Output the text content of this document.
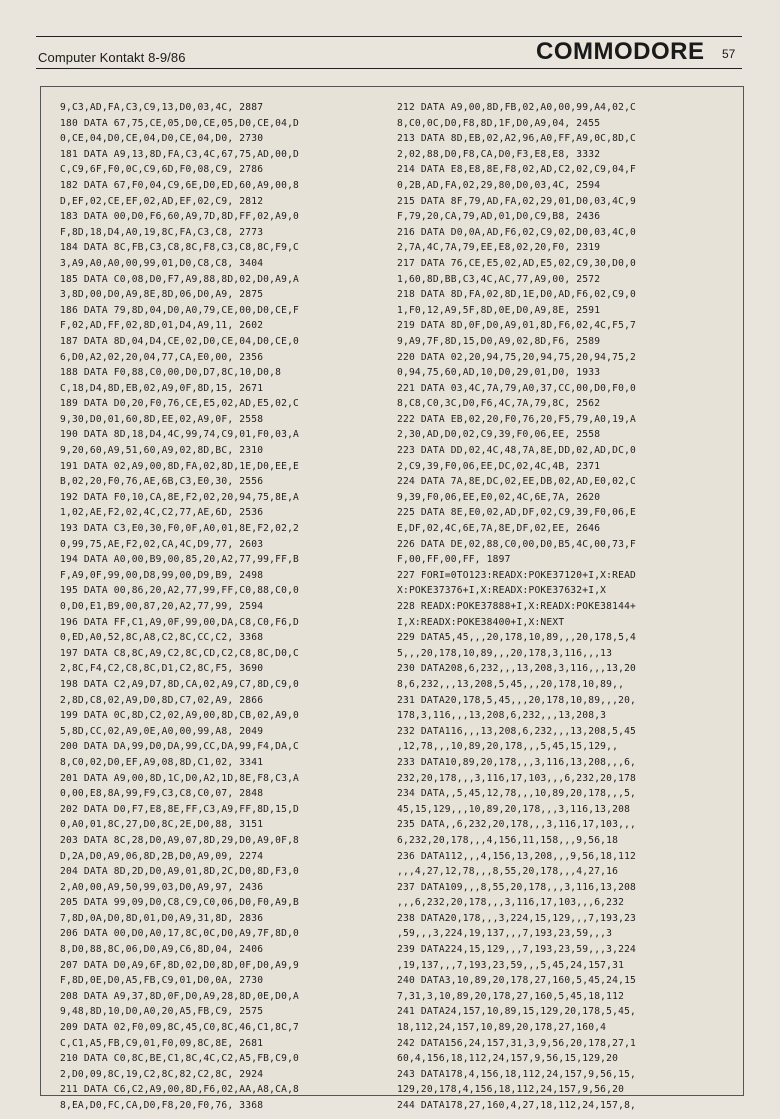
Computer Kontakt 8-9/86	COMMODORE 57
9,C3,AD,FA,C3,C9,13,D0,03,4C, 2887
180 DATA 67,75,CE,05,D0,CE,05,D0,CE,04,D
0,CE,04,D0,CE,04,D0,CE,04,D0, 2730
181 DATA A9,13,8D,FA,C3,4C,67,75,AD,00,D
C,C9,6F,F0,0C,C9,6D,F0,08,C9, 2786
182 DATA 67,F0,04,C9,6E,D0,ED,60,A9,00,8
D,EF,02,CE,EF,02,AD,EF,02,C9, 2812
183 DATA 00,D0,F6,60,A9,7D,8D,FF,02,A9,0
F,8D,18,D4,A0,19,8C,FA,C3,C8, 2773
184 DATA 8C,FB,C3,C8,8C,F8,C3,C8,8C,F9,C
3,A9,A0,A0,00,99,01,D0,C8,C8, 3404
185 DATA C0,08,D0,F7,A9,88,8D,02,D0,A9,A
3,8D,00,D0,A9,8E,8D,06,D0,A9, 2875
186 DATA 79,8D,04,D0,A0,79,CE,00,D0,CE,F
F,02,AD,FF,02,8D,01,D4,A9,11, 2602
187 DATA 8D,04,D4,CE,02,D0,CE,04,D0,CE,0
6,D0,A2,02,20,04,77,CA,E0,00, 2356
188 DATA F0,88,C0,00,D0,D7,8C,10,D0,8
C,18,D4,8D,EB,02,A9,0F,8D,15, 2671
189 DATA D0,20,F0,76,CE,E5,02,AD,E5,02,C
9,30,D0,01,60,8D,EE,02,A9,0F, 2558
190 DATA 8D,18,D4,4C,99,74,C9,01,F0,03,A
9,20,60,A9,51,60,A9,02,8D,BC, 2310
191 DATA 02,A9,00,8D,FA,02,8D,1E,D0,EE,E
B,02,20,F0,76,AE,6B,C3,E0,30, 2556
192 DATA F0,10,CA,8E,F2,02,20,94,75,8E,A
1,02,AE,F2,02,4C,C2,77,AE,6D, 2536
193 DATA C3,E0,30,F0,0F,A0,01,8E,F2,02,2
0,99,75,AE,F2,02,CA,4C,D9,77, 2603
194 DATA A0,00,B9,00,85,20,A2,77,99,FF,B
F,A9,0F,99,00,D8,99,00,D9,B9, 2498
195 DATA 00,86,20,A2,77,99,FF,C0,88,C0,0
0,D0,E1,B9,00,87,20,A2,77,99, 2594
196 DATA FF,C1,A9,0F,99,00,DA,C8,C0,F6,D
0,ED,A0,52,8C,A8,C2,8C,CC,C2, 3368
197 DATA C8,8C,A9,C2,8C,CD,C2,C8,8C,D0,C
2,8C,F4,C2,C8,8C,D1,C2,8C,F5, 3690
198 DATA C2,A9,D7,8D,CA,02,A9,C7,8D,C9,0
2,8D,C8,02,A9,D0,8D,C7,02,A9, 2866
199 DATA 0C,8D,C2,02,A9,00,8D,CB,02,A9,0
5,8D,CC,02,A9,0E,A0,00,99,A8, 2049
200 DATA DA,99,D0,DA,99,CC,DA,99,F4,DA,C
8,C0,02,D0,EF,A9,08,8D,C1,02, 3341
201 DATA A9,00,8D,1C,D0,A2,1D,8E,F8,C3,A
0,00,E8,8A,99,F9,C3,C8,C0,07, 2848
202 DATA D0,F7,E8,8E,FF,C3,A9,FF,8D,15,D
0,A0,01,8C,27,D0,8C,2E,D0,88, 3151
203 DATA 8C,28,D0,A9,07,8D,29,D0,A9,0F,8
D,2A,D0,A9,06,8D,2B,D0,A9,09, 2274
204 DATA 8D,2D,D0,A9,01,8D,2C,D0,8D,F3,0
2,A0,00,A9,50,99,03,D0,A9,97, 2436
205 DATA 99,09,D0,C8,C9,C0,06,D0,F0,A9,B
7,8D,0A,D0,8D,01,D0,A9,31,8D, 2836
206 DATA 00,D0,A0,17,8C,0C,D0,A9,7F,8D,0
8,D0,88,8C,06,D0,A9,C6,8D,04, 2406
207 DATA D0,A9,6F,8D,02,D0,8D,0F,D0,A9,9
F,8D,0E,D0,A5,FB,C9,01,D0,0A, 2730
208 DATA A9,37,8D,0F,D0,A9,28,8D,0E,D0,A
9,48,8D,10,D0,A0,20,A5,FB,C9, 2575
209 DATA 02,F0,09,8C,45,C0,8C,46,C1,8C,7
C,C1,A5,FB,C9,01,F0,09,8C,8E, 2681
210 DATA C0,8C,BE,C1,8C,4C,C2,A5,FB,C9,0
2,D0,09,8C,19,C2,8C,82,C2,8C, 2924
211 DATA C6,C2,A9,00,8D,F6,02,AA,A8,CA,8
8,EA,D0,FC,CA,D0,F8,20,F0,76, 3368
212 DATA A9,00,8D,FB,02,A0,00,99,A4,02,C
8,C0,0C,D0,F8,8D,1F,D0,A9,04, 2455
213 DATA 8D,EB,02,A2,96,A0,FF,A9,0C,8D,C
2,02,88,D0,F8,CA,D0,F3,E8,E8, 3332
214 DATA E8,E8,8E,F8,02,AD,C2,02,C9,04,F
0,2B,AD,FA,02,29,80,D0,03,4C, 2594
215 DATA 8F,79,AD,FA,02,29,01,D0,03,4C,9
F,79,20,CA,79,AD,01,D0,C9,B8, 2436
216 DATA D0,0A,AD,F6,02,C9,02,D0,03,4C,0
2,7A,4C,7A,79,EE,E8,02,20,F0, 2319
217 DATA 76,CE,E5,02,AD,E5,02,C9,30,D0,0
1,60,8D,BB,C3,4C,AC,77,A9,00, 2572
218 DATA 8D,FA,02,8D,1E,D0,AD,F6,02,C9,0
1,F0,12,A9,5F,8D,0E,D0,A9,8E, 2591
219 DATA 8D,0F,D0,A9,01,8D,F6,02,4C,F5,7
9,A9,7F,8D,15,D0,A9,02,8D,F6, 2589
220 DATA 02,20,94,75,20,94,75,20,94,75,2
0,94,75,60,AD,10,D0,29,01,D0, 1933
221 DATA 03,4C,7A,79,A0,37,CC,00,D0,F0,0
8,C8,C0,3C,D0,F6,4C,7A,79,8C, 2562
222 DATA EB,02,20,F0,76,20,F5,79,A0,19,A
2,30,AD,D0,02,C9,39,F0,06,EE, 2558
223 DATA DD,02,4C,48,7A,8E,DD,02,AD,DC,0
2,C9,39,F0,06,EE,DC,02,4C,4B, 2371
224 DATA 7A,8E,DC,02,EE,DB,02,AD,E0,02,C
9,39,F0,06,EE,E0,02,4C,6E,7A, 2620
225 DATA 8E,E0,02,AD,DF,02,C9,39,F0,06,E
E,DF,02,4C,6E,7A,8E,DF,02,EE, 2646
226 DATA DE,02,88,C0,00,D0,B5,4C,00,73,F
F,00,FF,00,FF, 1897
227 FORI=0TO123:READX:POKE37120+I,X:READ
X:POKE37376+I,X:READX:POKE37632+I,X
228 READX:POKE37888+I,X:READX:POKE38144+
I,X:READX:POKE38400+I,X:NEXT
229 DATA5,45,,,20,178,10,89,,,20,178,5,4
5,,,20,178,10,89,,,20,178,3,116,,,13
230 DATA208,6,232,,,13,208,3,116,,,13,20
8,6,232,,,13,208,5,45,,,20,178,10,89,,
231 DATA20,178,5,45,,,20,178,10,89,,,20,
178,3,116,,,13,208,6,232,,,13,208,3
232 DATA116,,,13,208,6,232,,,13,208,5,45
,12,78,,,10,89,20,178,,,5,45,15,129,,
233 DATA10,89,20,178,,,3,116,13,208,,,6,
232,20,178,,,3,116,17,103,,,6,232,20,178
234 DATA,,5,45,12,78,,,10,89,20,178,,,5,
45,15,129,,,10,89,20,178,,,3,116,13,208
235 DATA,,6,232,20,178,,,3,116,17,103,,,
6,232,20,178,,,4,156,11,158,,,9,56,18
236 DATA112,,,4,156,13,208,,,9,56,18,112
,,,4,27,12,78,,,8,55,20,178,,,4,27,16
237 DATA109,,,8,55,20,178,,,3,116,13,208
,,,6,232,20,178,,,3,116,17,103,,,6,232
238 DATA20,178,,,3,224,15,129,,,7,193,23
,59,,,3,224,19,137,,,7,193,23,59,,,3
239 DATA224,15,129,,,7,193,23,59,,,3,224
,19,137,,,7,193,23,59,,,5,45,24,157,31
240 DATA3,10,89,20,178,27,160,5,45,24,15
7,31,3,10,89,20,178,27,160,5,45,18,112
241 DATA24,157,10,89,15,129,20,178,5,45,
18,112,24,157,10,89,20,178,27,160,4
242 DATA156,24,157,31,3,9,56,20,178,27,1
60,4,156,18,112,24,157,9,56,15,129,20
243 DATA178,4,156,18,112,24,157,9,56,15,
129,20,178,4,156,18,112,24,157,9,56,20
244 DATA178,27,160,4,27,18,112,24,157,8,
